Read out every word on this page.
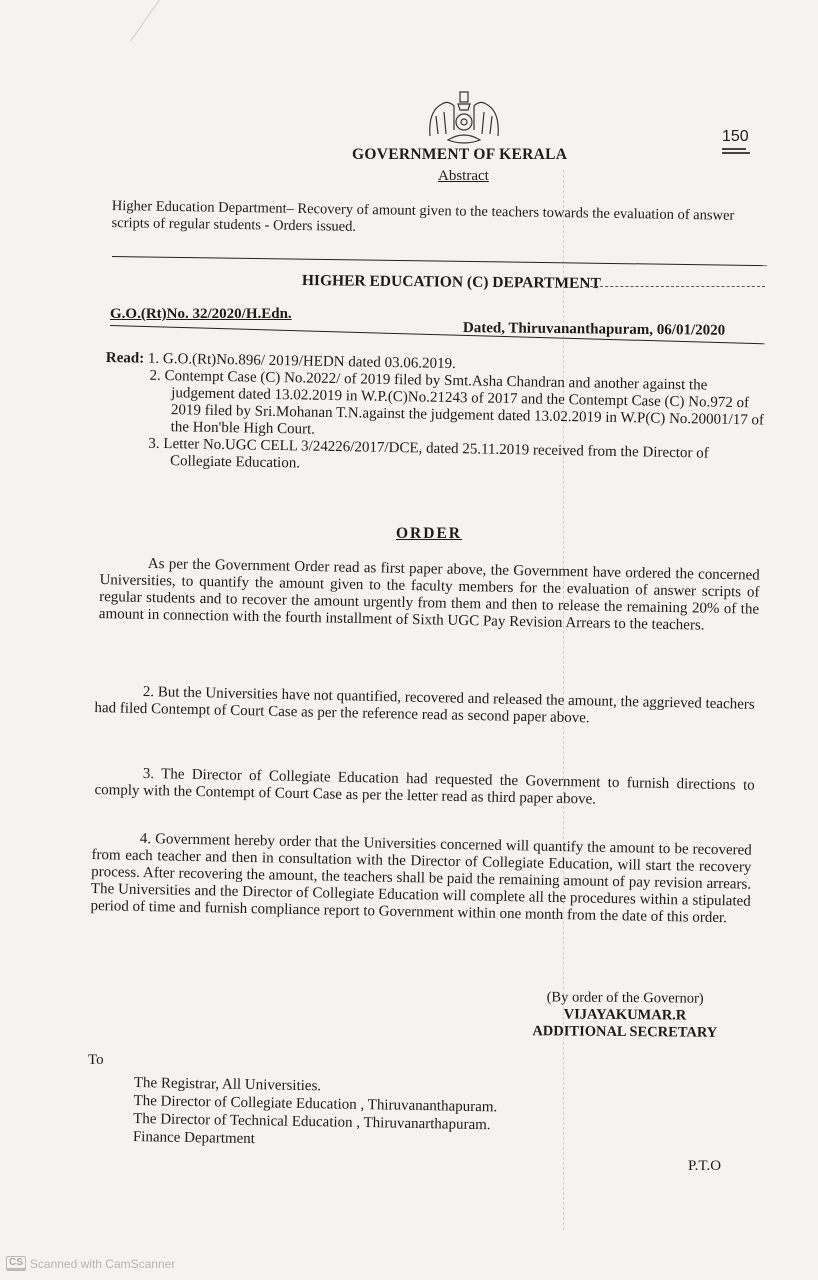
GOVERNMENT OF KERALA
Abstract
150
Higher Education Department– Recovery of amount given to the teachers towards the evaluation of answer scripts of regular students - Orders issued.
HIGHER EDUCATION (C) DEPARTMENT
G.O.(Rt)No. 32/2020/H.Edn.
Dated, Thiruvananthapuram, 06/01/2020
Read: 1. G.O.(Rt)No.896/ 2019/HEDN dated 03.06.2019.
2. Contempt Case (C) No.2022/ of 2019 filed by Smt.Asha Chandran and another against the judgement dated 13.02.2019 in W.P.(C)No.21243 of 2017 and the Contempt Case (C) No.972 of 2019 filed by Sri.Mohanan T.N.against the judgement dated 13.02.2019 in W.P(C) No.20001/17 of the Hon'ble High Court.
3. Letter No.UGC CELL 3/24226/2017/DCE, dated 25.11.2019 received from the Director of Collegiate Education.
ORDER
As per the Government Order read as first paper above, the Government have ordered the concerned Universities, to quantify the amount given to the faculty members for the evaluation of answer scripts of regular students and to recover the amount urgently from them and then to release the remaining 20% of the amount in connection with the fourth installment of Sixth UGC Pay Revision Arrears to the teachers.
2. But the Universities have not quantified, recovered and released the amount, the aggrieved teachers had filed Contempt of Court Case as per the reference read as second paper above.
3. The Director of Collegiate Education had requested the Government to furnish directions to comply with the Contempt of Court Case as per the letter read as third paper above.
4. Government hereby order that the Universities concerned will quantify the amount to be recovered from each teacher and then in consultation with the Director of Collegiate Education, will start the recovery process. After recovering the amount, the teachers shall be paid the remaining amount of pay revision arrears. The Universities and the Director of Collegiate Education will complete all the procedures within a stipulated period of time and furnish compliance report to Government within one month from the date of this order.
(By order of the Governor)
VIJAYAKUMAR.R
ADDITIONAL SECRETARY
To
The Registrar, All Universities.
The Director of Collegiate Education , Thiruvananthapuram.
The Director of Technical Education , Thiruvanarthapuram.
Finance Department
P.T.O
CS Scanned with CamScanner
